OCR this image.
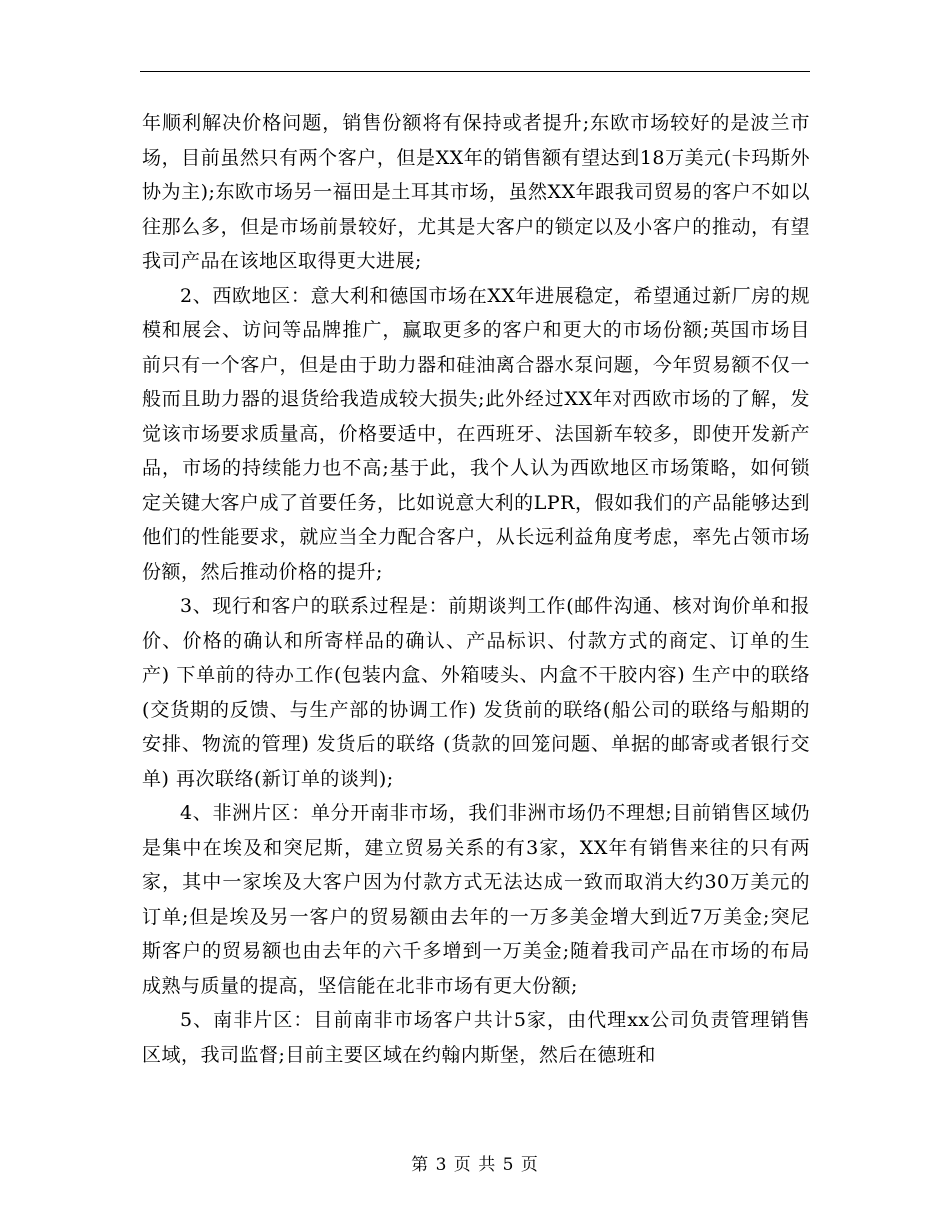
年顺利解决价格问题，销售份额将有保持或者提升;东欧市场较好的是波兰市场，目前虽然只有两个客户，但是XX年的销售额有望达到18万美元(卡玛斯外协为主);东欧市场另一福田是土耳其市场，虽然XX年跟我司贸易的客户不如以往那么多，但是市场前景较好，尤其是大客户的锁定以及小客户的推动，有望我司产品在该地区取得更大进展;

2、西欧地区：意大利和德国市场在XX年进展稳定，希望通过新厂房的规模和展会、访问等品牌推广，赢取更多的客户和更大的市场份额;英国市场目前只有一个客户，但是由于助力器和硅油离合器水泵问题，今年贸易额不仅一般而且助力器的退货给我造成较大损失;此外经过XX年对西欧市场的了解，发觉该市场要求质量高，价格要适中，在西班牙、法国新车较多，即使开发新产品，市场的持续能力也不高;基于此，我个人认为西欧地区市场策略，如何锁定关键大客户成了首要任务，比如说意大利的LPR，假如我们的产品能够达到他们的性能要求，就应当全力配合客户，从长远利益角度考虑，率先占领市场份额，然后推动价格的提升;

3、现行和客户的联系过程是：前期谈判工作(邮件沟通、核对询价单和报价、价格的确认和所寄样品的确认、产品标识、付款方式的商定、订单的生产) 下单前的待办工作(包装内盒、外箱唛头、内盒不干胶内容) 生产中的联络(交货期的反馈、与生产部的协调工作) 发货前的联络(船公司的联络与船期的安排、物流的管理) 发货后的联络 (货款的回笼问题、单据的邮寄或者银行交单) 再次联络(新订单的谈判);

4、非洲片区：单分开南非市场，我们非洲市场仍不理想;目前销售区域仍是集中在埃及和突尼斯，建立贸易关系的有3家，XX年有销售来往的只有两家，其中一家埃及大客户因为付款方式无法达成一致而取消大约30万美元的订单;但是埃及另一客户的贸易额由去年的一万多美金增大到近7万美金;突尼斯客户的贸易额也由去年的六千多增到一万美金;随着我司产品在市场的布局成熟与质量的提高，坚信能在北非市场有更大份额;

5、南非片区：目前南非市场客户共计5家，由代理xx公司负责管理销售区域，我司监督;目前主要区域在约翰内斯堡，然后在德班和

第 3 页 共 5 页
